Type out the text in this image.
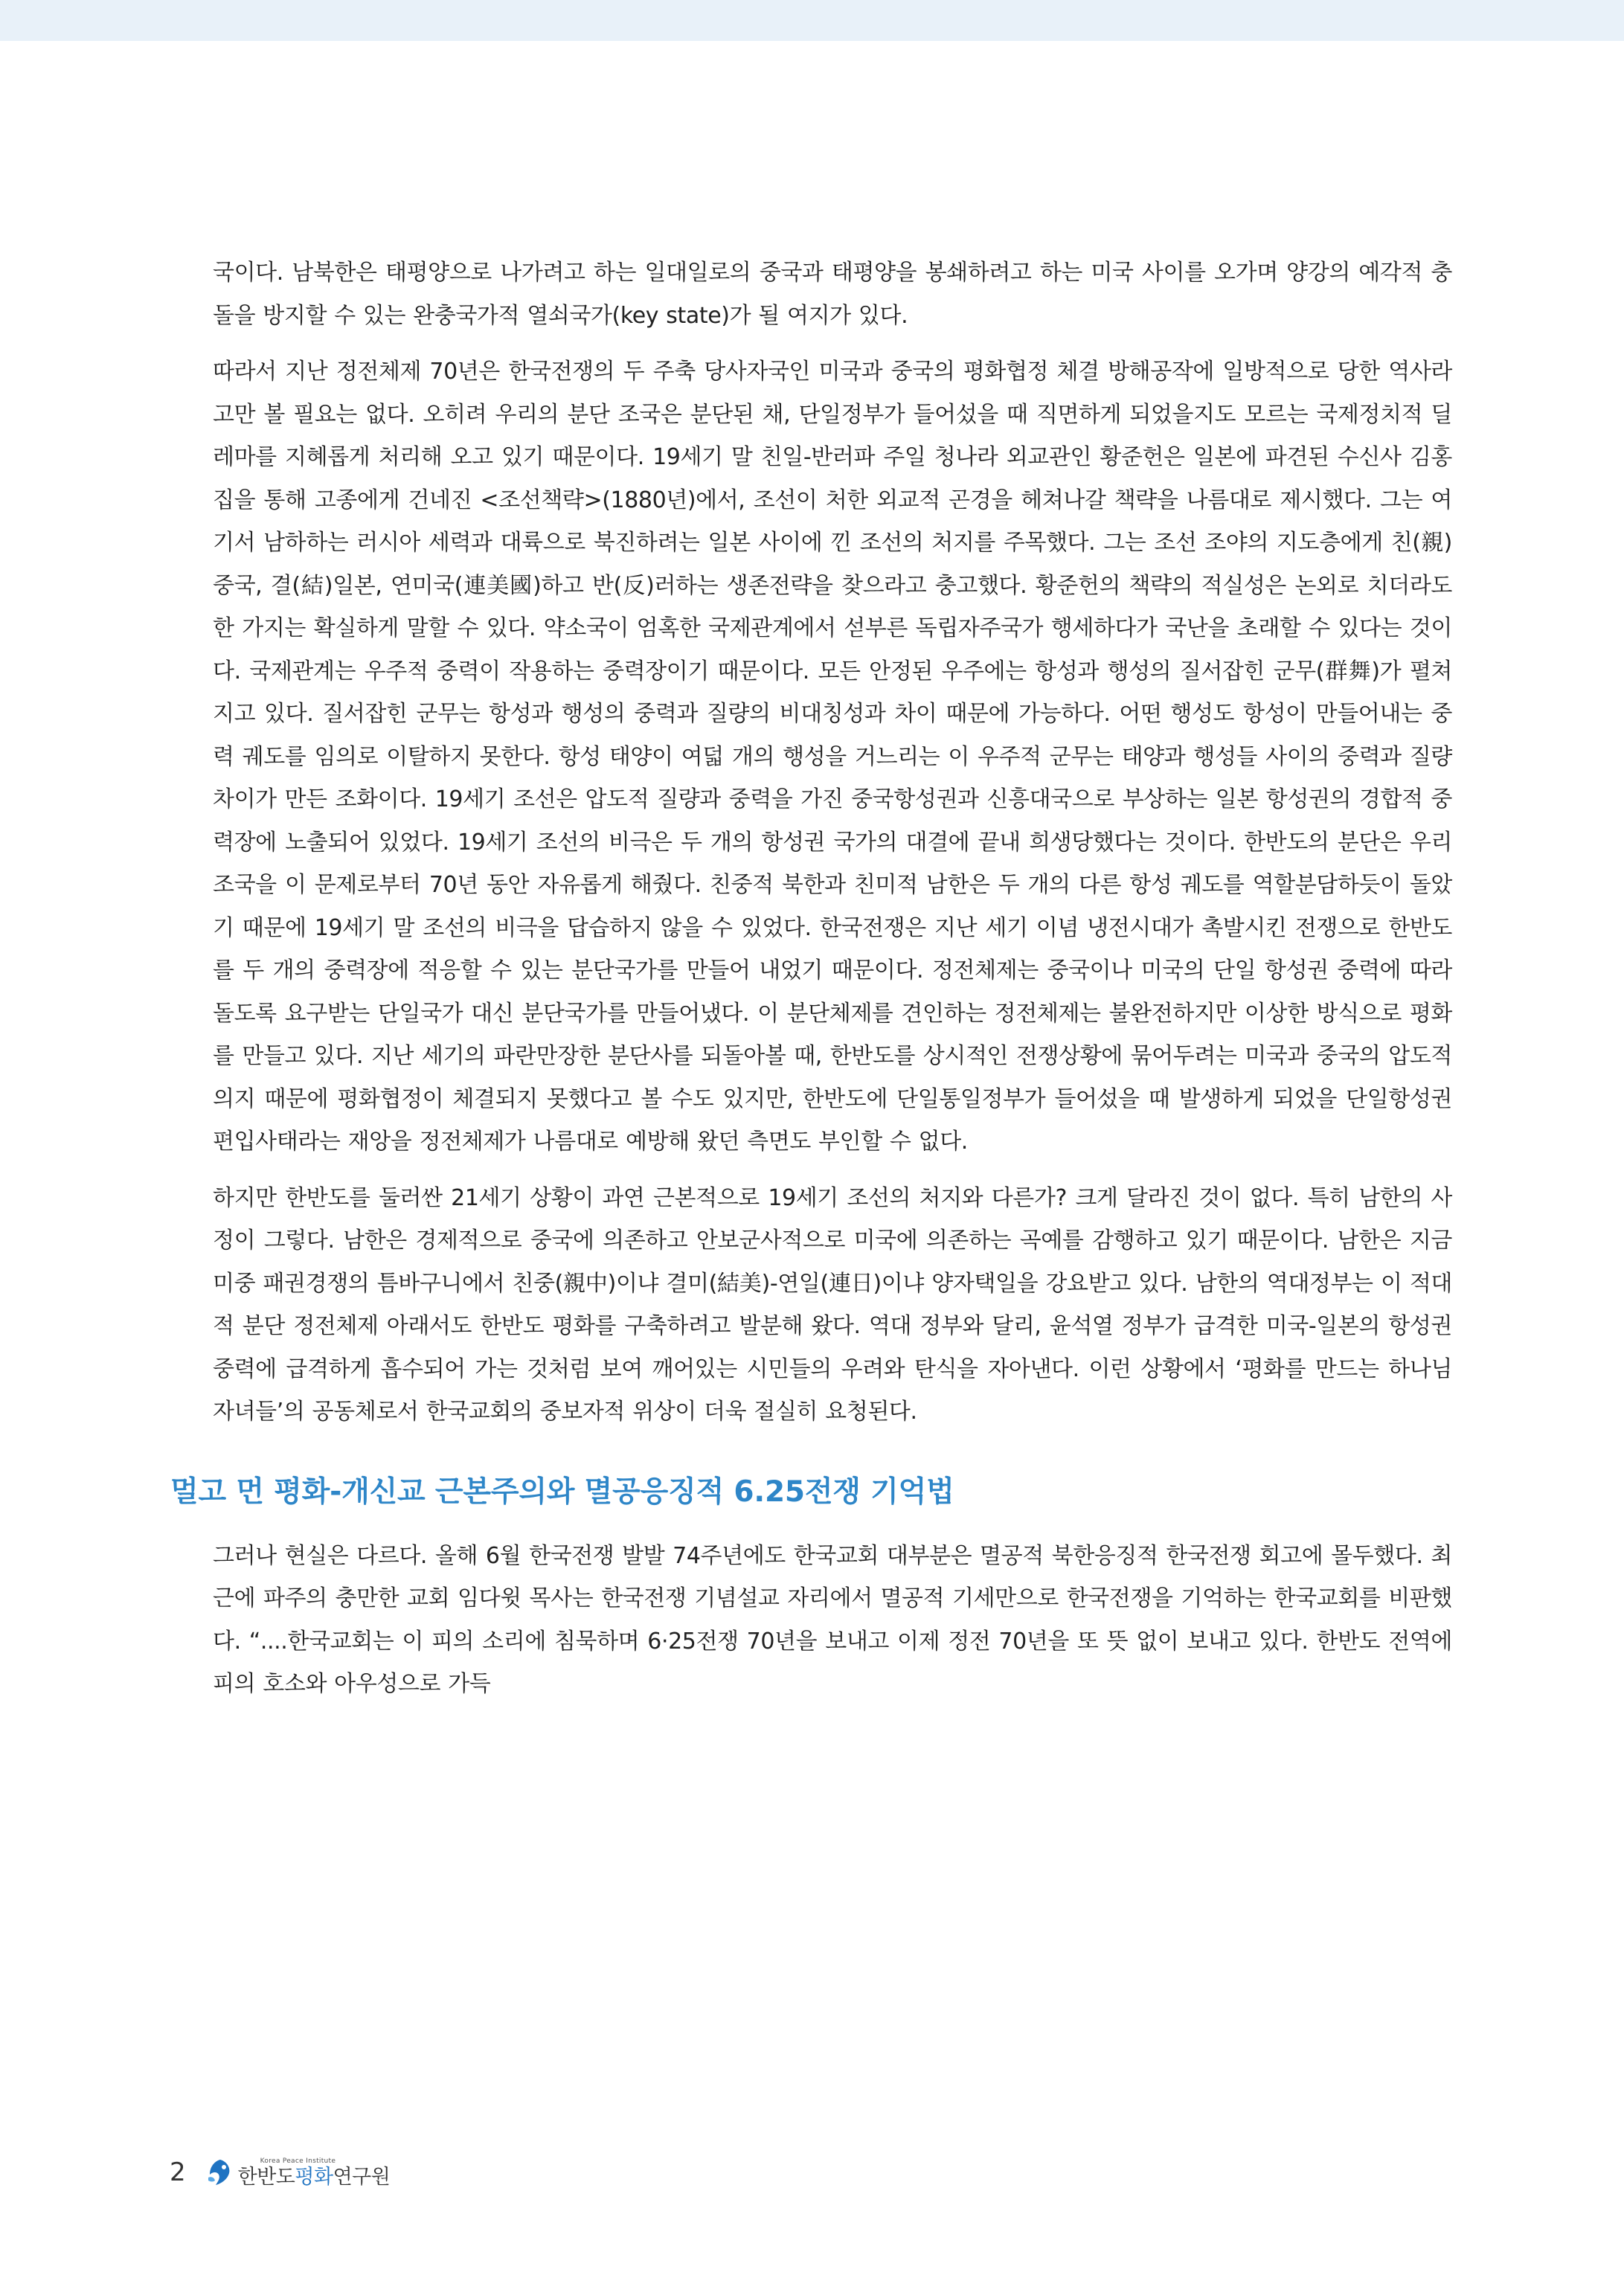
국이다. 남북한은 태평양으로 나가려고 하는 일대일로의 중국과 태평양을 봉쇄하려고 하는 미국 사이를 오가며 양강의 예각적 충돌을 방지할 수 있는 완충국가적 열쇠국가(key state)가 될 여지가 있다.

따라서 지난 정전체제 70년은 한국전쟁의 두 주축 당사자국인 미국과 중국의 평화협정 체결 방해공작에 일방적으로 당한 역사라고만 볼 필요는 없다. 오히려 우리의 분단 조국은 분단된 채, 단일정부가 들어섰을 때 직면하게 되었을지도 모르는 국제정치적 딜레마를 지혜롭게 처리해 오고 있기 때문이다. 19세기 말 친일-반러파 주일 청나라 외교관인 황준헌은 일본에 파견된 수신사 김홍집을 통해 고종에게 건네진 <조선책략>(1880년)에서, 조선이 처한 외교적 곤경을 헤쳐나갈 책략을 나름대로 제시했다. 그는 여기서 남하하는 러시아 세력과 대륙으로 북진하려는 일본 사이에 낀 조선의 처지를 주목했다. 그는 조선 조야의 지도층에게 친(親)중국, 결(結)일본, 연미국(連美國)하고 반(反)러하는 생존전략을 찾으라고 충고했다. 황준헌의 책략의 적실성은 논외로 치더라도 한 가지는 확실하게 말할 수 있다. 약소국이 엄혹한 국제관계에서 섣부른 독립자주국가 행세하다가 국난을 초래할 수 있다는 것이다. 국제관계는 우주적 중력이 작용하는 중력장이기 때문이다. 모든 안정된 우주에는 항성과 행성의 질서잡힌 군무(群舞)가 펼쳐지고 있다. 질서잡힌 군무는 항성과 행성의 중력과 질량의 비대칭성과 차이 때문에 가능하다. 어떤 행성도 항성이 만들어내는 중력 궤도를 임의로 이탈하지 못한다. 항성 태양이 여덟 개의 행성을 거느리는 이 우주적 군무는 태양과 행성들 사이의 중력과 질량 차이가 만든 조화이다. 19세기 조선은 압도적 질량과 중력을 가진 중국항성권과 신흥대국으로 부상하는 일본 항성권의 경합적 중력장에 노출되어 있었다. 19세기 조선의 비극은 두 개의 항성권 국가의 대결에 끝내 희생당했다는 것이다. 한반도의 분단은 우리 조국을 이 문제로부터 70년 동안 자유롭게 해줬다. 친중적 북한과 친미적 남한은 두 개의 다른 항성 궤도를 역할분담하듯이 돌았기 때문에 19세기 말 조선의 비극을 답습하지 않을 수 있었다. 한국전쟁은 지난 세기 이념 냉전시대가 촉발시킨 전쟁으로 한반도를 두 개의 중력장에 적응할 수 있는 분단국가를 만들어 내었기 때문이다. 정전체제는 중국이나 미국의 단일 항성권 중력에 따라 돌도록 요구받는 단일국가 대신 분단국가를 만들어냈다. 이 분단체제를 견인하는 정전체제는 불완전하지만 이상한 방식으로 평화를 만들고 있다. 지난 세기의 파란만장한 분단사를 되돌아볼 때, 한반도를 상시적인 전쟁상황에 묶어두려는 미국과 중국의 압도적 의지 때문에 평화협정이 체결되지 못했다고 볼 수도 있지만, 한반도에 단일통일정부가 들어섰을 때 발생하게 되었을 단일항성권 편입사태라는 재앙을 정전체제가 나름대로 예방해 왔던 측면도 부인할 수 없다.

하지만 한반도를 둘러싼 21세기 상황이 과연 근본적으로 19세기 조선의 처지와 다른가? 크게 달라진 것이 없다. 특히 남한의 사정이 그렇다. 남한은 경제적으로 중국에 의존하고 안보군사적으로 미국에 의존하는 곡예를 감행하고 있기 때문이다. 남한은 지금 미중 패권경쟁의 틈바구니에서 친중(親中)이냐 결미(結美)-연일(連日)이냐 양자택일을 강요받고 있다. 남한의 역대정부는 이 적대적 분단 정전체제 아래서도 한반도 평화를 구축하려고 발분해 왔다. 역대 정부와 달리, 윤석열 정부가 급격한 미국-일본의 항성권 중력에 급격하게 흡수되어 가는 것처럼 보여 깨어있는 시민들의 우려와 탄식을 자아낸다. 이런 상황에서 ‘평화를 만드는 하나님 자녀들’의 공동체로서 한국교회의 중보자적 위상이 더욱 절실히 요청된다.

멀고 먼 평화-개신교 근본주의와 멸공응징적 6.25전쟁 기억법

그러나 현실은 다르다. 올해 6월 한국전쟁 발발 74주년에도 한국교회 대부분은 멸공적 북한응징적 한국전쟁 회고에 몰두했다. 최근에 파주의 충만한 교회 임다윗 목사는 한국전쟁 기념설교 자리에서 멸공적 기세만으로 한국전쟁을 기억하는 한국교회를 비판했다. “....한국교회는 이 피의 소리에 침묵하며 6·25전쟁 70년을 보내고 이제 정전 70년을 또 뜻 없이 보내고 있다. 한반도 전역에 피의 호소와 아우성으로 가득

2	Korea Peace Institute
한반도평화연구원
